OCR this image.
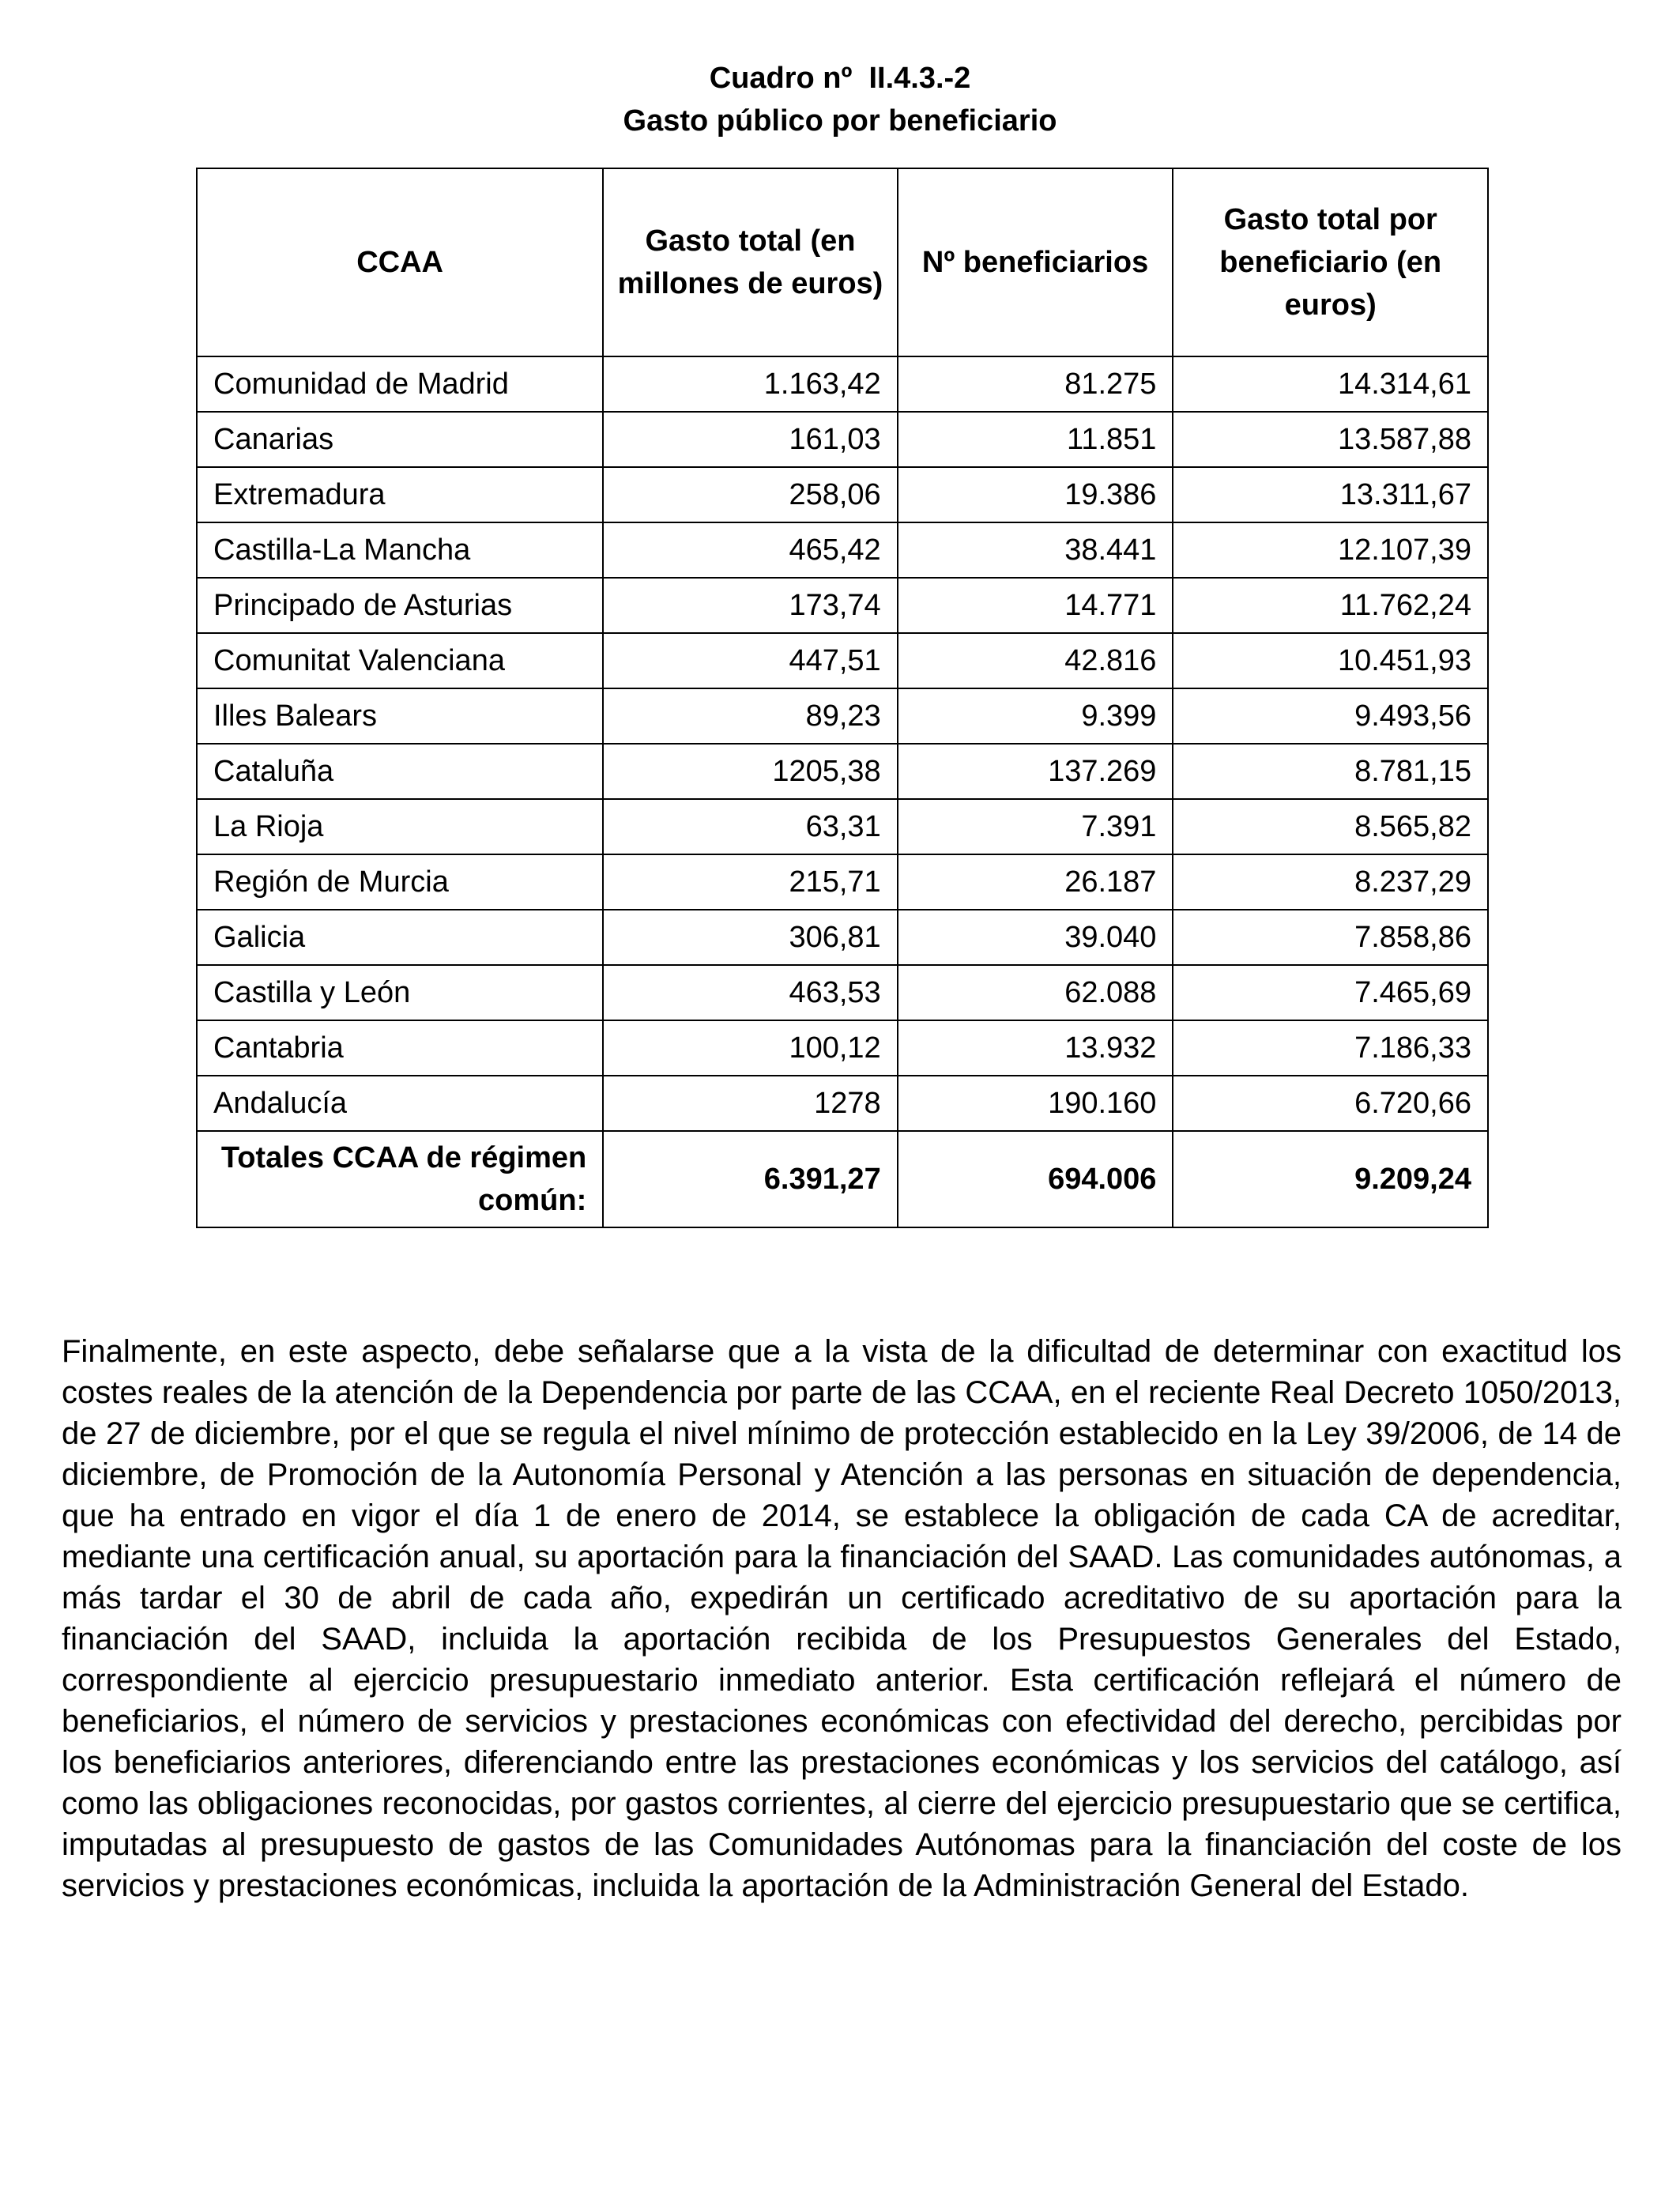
Cuadro nº  II.4.3.-2
Gasto público por beneficiario
CCAA	Gasto total (en millones de euros)	Nº beneficiarios	Gasto total por beneficiario (en euros)
Comunidad de Madrid	1.163,42	81.275	14.314,61
Canarias	161,03	11.851	13.587,88
Extremadura	258,06	19.386	13.311,67
Castilla-La Mancha	465,42	38.441	12.107,39
Principado de Asturias	173,74	14.771	11.762,24
Comunitat Valenciana	447,51	42.816	10.451,93
Illes Balears	89,23	9.399	9.493,56
Cataluña	1205,38	137.269	8.781,15
La Rioja	63,31	7.391	8.565,82
Región de Murcia	215,71	26.187	8.237,29
Galicia	306,81	39.040	7.858,86
Castilla y León	463,53	62.088	7.465,69
Cantabria	100,12	13.932	7.186,33
Andalucía	1278	190.160	6.720,66
Totales CCAA de régimen común:	6.391,27	694.006	9.209,24
Finalmente, en este aspecto, debe señalarse que a la vista de la dificultad de determinar con exactitud los costes reales de la atención de la Dependencia por parte de las CCAA, en el reciente Real Decreto 1050/2013, de 27 de diciembre, por el que se regula el nivel mínimo de protección establecido en la Ley 39/2006, de 14 de diciembre, de Promoción de la Autonomía Personal y Atención a las personas en situación de dependencia, que ha entrado en vigor el día 1 de enero de 2014, se establece la obligación de cada CA de acreditar, mediante una certificación anual, su aportación para la financiación del SAAD. Las comunidades autónomas, a más tardar el 30 de abril de cada año, expedirán un certificado acreditativo de su aportación para la financiación del SAAD, incluida la aportación recibida de los Presupuestos Generales del Estado, correspondiente al ejercicio presupuestario inmediato anterior. Esta certificación reflejará el número de beneficiarios, el número de servicios y prestaciones económicas con efectividad del derecho, percibidas por los beneficiarios anteriores, diferenciando entre las prestaciones económicas y los servicios del catálogo, así como las obligaciones reconocidas, por gastos corrientes, al cierre del ejercicio presupuestario que se certifica, imputadas al presupuesto de gastos de las Comunidades Autónomas para la financiación del coste de los servicios y prestaciones económicas, incluida la aportación de la Administración General del Estado.
